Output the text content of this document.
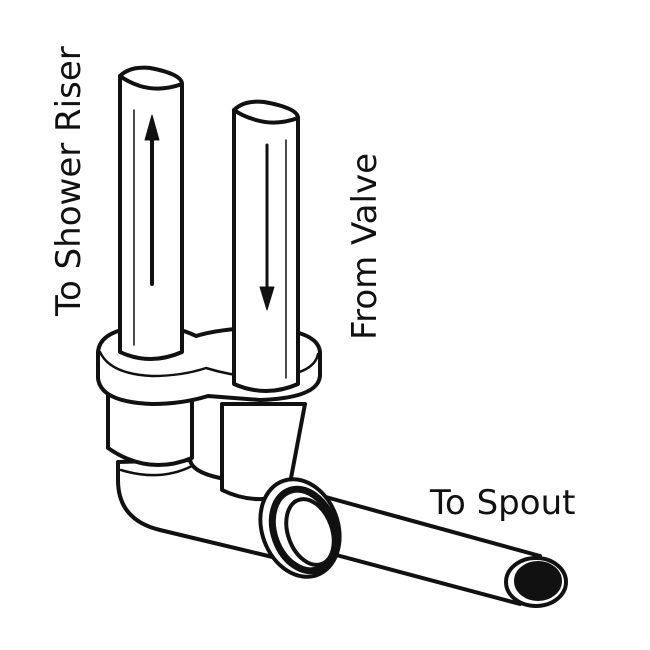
To Shower Riser	From Valve
To Spout
